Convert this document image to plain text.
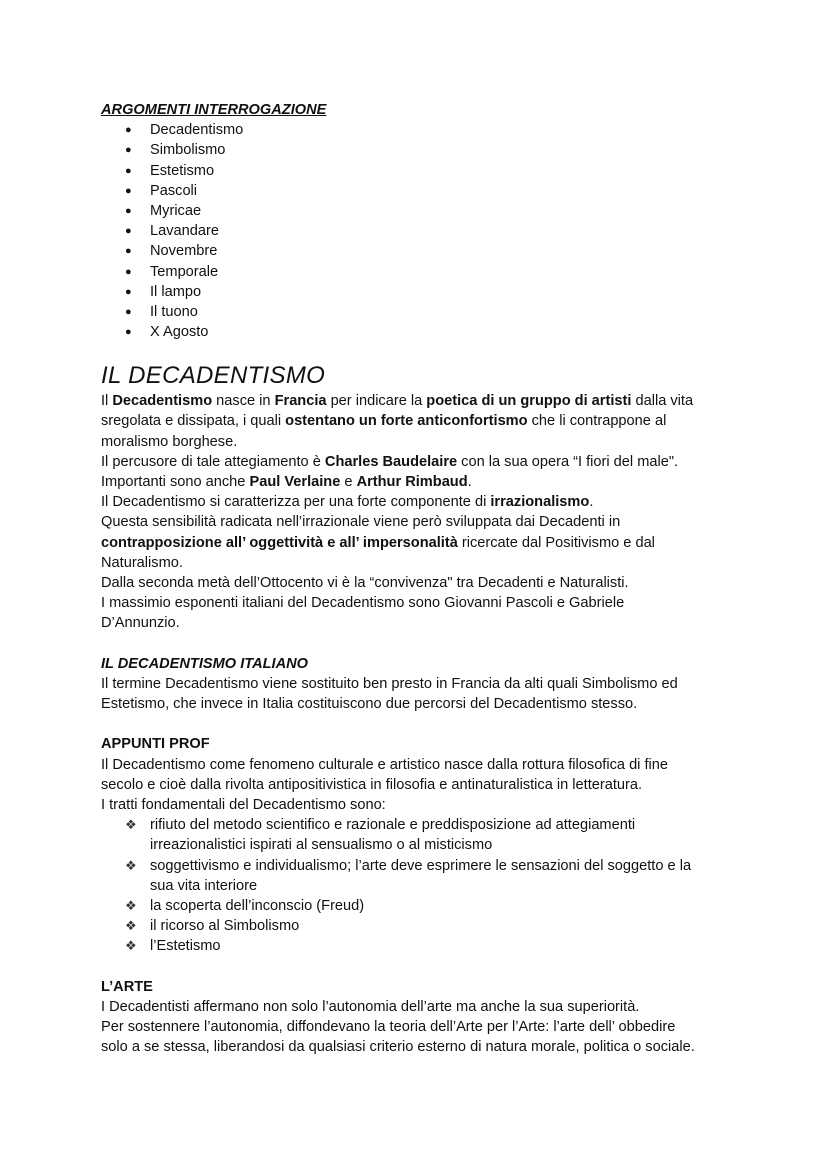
ARGOMENTI INTERROGAZIONE
● Decadentismo
● Simbolismo
● Estetismo
● Pascoli
● Myricae
● Lavandare
● Novembre
● Temporale
● Il lampo
● Il tuono
● X Agosto
IL DECADENTISMO
Il Decadentismo nasce in Francia per indicare la poetica di un gruppo di artisti dalla vita
sregolata e dissipata, i quali ostentano un forte anticonfortismo che li contrappone al
moralismo borghese.
Il percusore di tale attegiamento è Charles Baudelaire con la sua opera “I fiori del male".
Importanti sono anche Paul Verlaine e Arthur Rimbaud.
Il Decadentismo si caratterizza per una forte componente di irrazionalismo.
Questa sensibilità radicata nell’irrazionale viene però sviluppata dai Decadenti in
contrapposizione all’ oggettività e all’ impersonalità ricercate dal Positivismo e dal
Naturalismo.
Dalla seconda metà dell’Ottocento vi è la “convivenza" tra Decadenti e Naturalisti.
I massimio esponenti italiani del Decadentismo sono Giovanni Pascoli e Gabriele
D’Annunzio.
IL DECADENTISMO ITALIANO
Il termine Decadentismo viene sostituito ben presto in Francia da alti quali Simbolismo ed
Estetismo, che invece in Italia costituiscono due percorsi del Decadentismo stesso.
APPUNTI PROF
Il Decadentismo come fenomeno culturale e artistico nasce dalla rottura filosofica di fine
secolo e cioè dalla rivolta antipositivistica in filosofia e antinaturalistica in letteratura.
I tratti fondamentali del Decadentismo sono:
❖ rifiuto del metodo scientifico e razionale e preddisposizione ad attegiamenti
irreazionalistici ispirati al sensualismo o al misticismo
❖ soggettivismo e individualismo; l’arte deve esprimere le sensazioni del soggetto e la
sua vita interiore
❖ la scoperta dell’inconscio (Freud)
❖ il ricorso al Simbolismo
❖ l’Estetismo
L’ARTE
I Decadentisti affermano non solo l’autonomia dell’arte ma anche la sua superiorità.
Per sostennere l’autonomia, diffondevano la teoria dell’Arte per l’Arte: l’arte dell’ obbedire
solo a se stessa, liberandosi da qualsiasi criterio esterno di natura morale, politica o sociale.
